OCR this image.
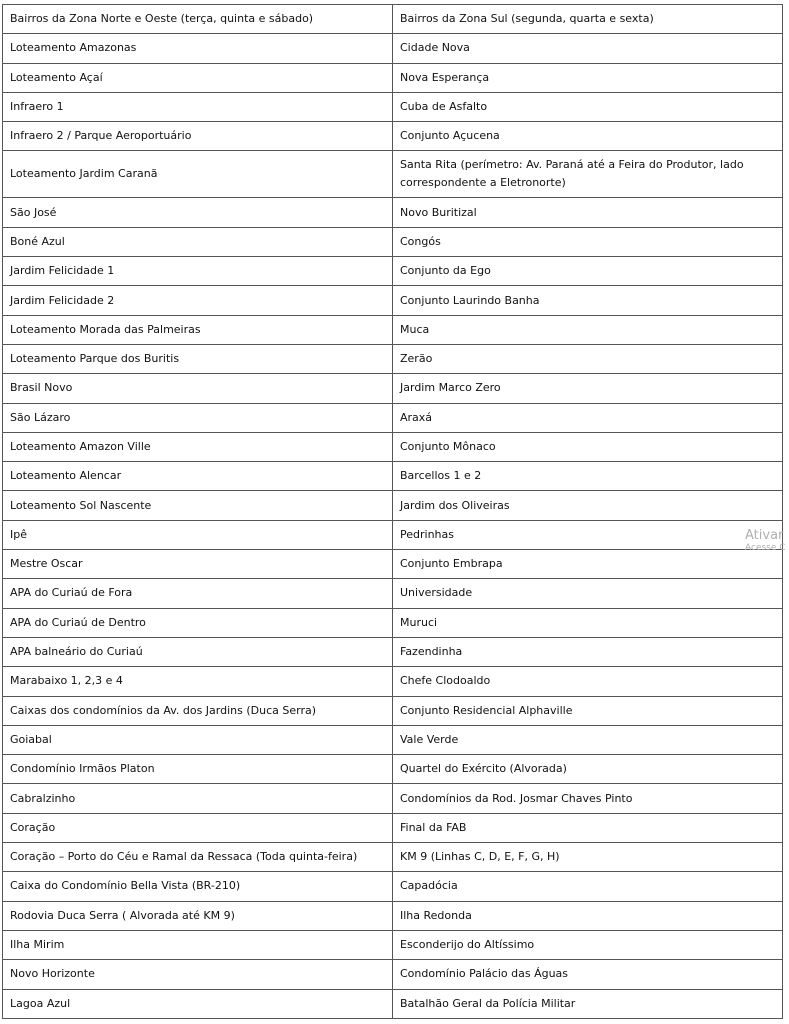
Bairros da Zona Norte e Oeste (terça, quinta e sábado)	Bairros da Zona Sul (segunda, quarta e sexta)
Loteamento Amazonas	Cidade Nova
Loteamento Açaí	Nova Esperança
Infraero 1	Cuba de Asfalto
Infraero 2 / Parque Aeroportuário	Conjunto Açucena
Loteamento Jardim Caranã	Santa Rita (perímetro: Av. Paraná até a Feira do Produtor, lado correspondente a Eletronorte)
São José	Novo Buritizal
Boné Azul	Congós
Jardim Felicidade 1	Conjunto da Ego
Jardim Felicidade 2	Conjunto Laurindo Banha
Loteamento Morada das Palmeiras	Muca
Loteamento Parque dos Buritis	Zerão
Brasil Novo	Jardim Marco Zero
São Lázaro	Araxá
Loteamento Amazon Ville	Conjunto Mônaco
Loteamento Alencar	Barcellos 1 e 2
Loteamento Sol Nascente	Jardim dos Oliveiras
Ipê	Pedrinhas
Mestre Oscar	Conjunto Embrapa
APA do Curiaú de Fora	Universidade
APA do Curiaú de Dentro	Muruci
APA balneário do Curiaú	Fazendinha
Marabaixo 1, 2,3 e 4	Chefe Clodoaldo
Caixas dos condomínios da Av. dos Jardins (Duca Serra)	Conjunto Residencial Alphaville
Goiabal	Vale Verde
Condomínio Irmãos Platon	Quartel do Exército (Alvorada)
Cabralzinho	Condomínios da Rod. Josmar Chaves Pinto
Coração	Final da FAB
Coração – Porto do Céu e Ramal da Ressaca (Toda quinta-feira)	KM 9 (Linhas C, D, E, F, G, H)
Caixa do Condomínio Bella Vista (BR-210)	Capadócia
Rodovia Duca Serra ( Alvorada até KM 9)	Ilha Redonda
Ilha Mirim	Esconderijo do Altíssimo
Novo Horizonte	Condomínio Palácio das Águas
Lagoa Azul	Batalhão Geral da Polícia Militar
Ativar
Acesse C
